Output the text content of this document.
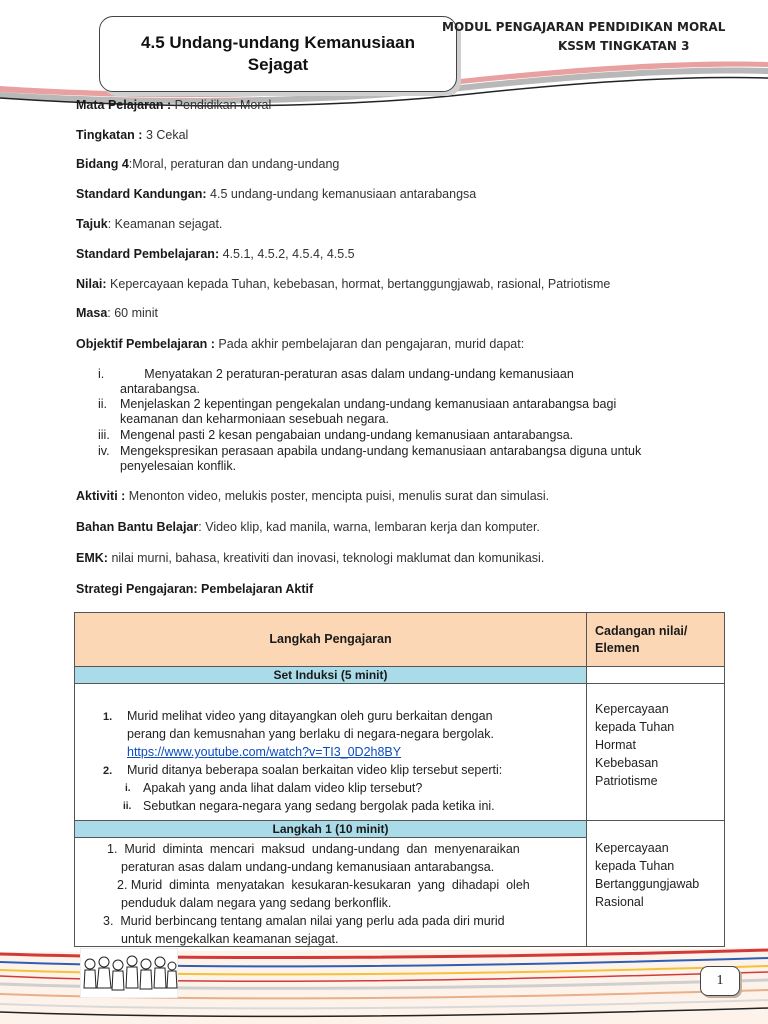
4.5 Undang-undang Kemanusiaan Sejagat
MODUL PENGAJARAN PENDIDIKAN MORAL
KSSM TINGKATAN 3
Mata Pelajaran : Pendidikan Moral
Tingkatan : 3 Cekal
Bidang 4:Moral, peraturan dan undang-undang
Standard Kandungan: 4.5 undang-undang kemanusiaan antarabangsa
Tajuk: Keamanan sejagat.
Standard Pembelajaran: 4.5.1, 4.5.2, 4.5.4, 4.5.5
Nilai: Kepercayaan kepada Tuhan, kebebasan, hormat, bertanggungjawab, rasional, Patriotisme
Masa: 60 minit
Objektif Pembelajaran : Pada akhir pembelajaran dan pengajaran, murid dapat:
i.	Menyatakan 2 peraturan-peraturan asas dalam undang-undang kemanusiaan
antarabangsa.
ii.	Menjelaskan 2 kepentingan pengekalan undang-undang kemanusiaan antarabangsa bagi
keamanan dan keharmoniaan sesebuah negara.
iii. Mengenal pasti 2 kesan pengabaian undang-undang kemanusiaan antarabangsa.
iv. Mengekspresikan perasaan apabila undang-undang kemanusiaan antarabangsa diguna untuk
penyelesaian konflik.
Aktiviti : Menonton video, melukis poster, mencipta puisi, menulis surat dan simulasi.
Bahan Bantu Belajar: Video klip, kad manila, warna, lembaran kerja dan komputer.
EMK: nilai murni, bahasa, kreativiti dan inovasi, teknologi maklumat dan komunikasi.
Strategi Pengajaran: Pembelajaran Aktif
Langkah Pengajaran
Cadangan nilai/ Elemen
Set Induksi (5 minit)
1. Murid melihat video yang ditayangkan oleh guru berkaitan dengan
perang dan kemusnahan yang berlaku di negara-negara bergolak.
https://www.youtube.com/watch?v=TI3_0D2h8BY
2. Murid ditanya beberapa soalan berkaitan video klip tersebut seperti:
i. Apakah yang anda lihat dalam video klip tersebut?
ii. Sebutkan negara-negara yang sedang bergolak pada ketika ini.
Kepercayaan
kepada Tuhan
Hormat
Kebebasan
Patriotisme
Langkah 1 (10 minit)
1.  Murid  diminta  mencari  maksud  undang-undang  dan  menyenaraikan
peraturan asas dalam undang-undang kemanusiaan antarabangsa.
2. Murid  diminta  menyatakan  kesukaran-kesukaran  yang  dihadapi  oleh
penduduk dalam negara yang sedang berkonflik.
3.  Murid berbincang tentang amalan nilai yang perlu ada pada diri murid
untuk mengekalkan keamanan sejagat.
Kepercayaan
kepada Tuhan
Bertanggungjawab
Rasional
1
